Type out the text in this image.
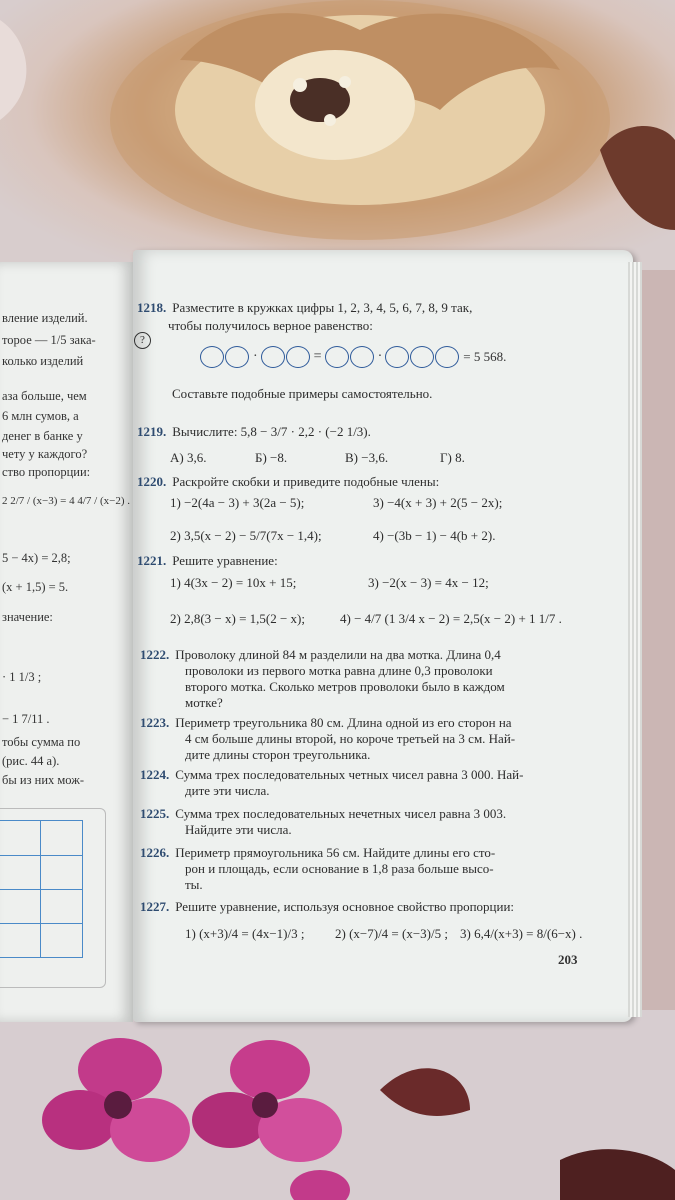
вление изделий.
торое — 1/5 зака-
колько изделий
аза больше, чем
6 млн сумов, а
денег в банке у
чету у каждого?
ство пропорции:
2 2/7 / (x−3) = 4 4/7 / (x−2) .
5 − 4x) = 2,8;
(x + 1,5) = 5.
значение:
· 1 1/3 ;
− 1 7/11 .
тобы сумма по
(рис. 44 а).
бы из них мож-
1218. Разместите в кружках цифры 1, 2, 3, 4, 5, 6, 7, 8, 9 так,
чтобы получилось верное равенство:
?
·	=	·	= 5 568.
Составьте подобные примеры самостоятельно.
1219. Вычислите: 5,8 − 3/7 · 2,2 · (−2 1/3).
А) 3,6.	Б) −8.	В) −3,6.	Г) 8.
1220. Раскройте скобки и приведите подобные члены:
1) −2(4a − 3) + 3(2a − 5);	3) −4(x + 3) + 2(5 − 2x);
2) 3,5(x − 2) − 5/7(7x − 1,4);	4) −(3b − 1) − 4(b + 2).
1221. Решите уравнение:
1) 4(3x − 2) = 10x + 15;	3) −2(x − 3) = 4x − 12;
2) 2,8(3 − x) = 1,5(2 − x);	4) − 4/7 (1 3/4 x − 2) = 2,5(x − 2) + 1 1/7 .
1222. Проволоку длиной 84 м разделили на два мотка. Длина 0,4
проволоки из первого мотка равна длине 0,3 проволоки
второго мотка. Сколько метров проволоки было в каждом
мотке?
1223. Периметр треугольника 80 см. Длина одной из его сторон на
4 см больше длины второй, но короче третьей на 3 см. Най-
дите длины сторон треугольника.
1224. Сумма трех последовательных четных чисел равна 3 000. Най-
дите эти числа.
1225. Сумма трех последовательных нечетных чисел равна 3 003.
Найдите эти числа.
1226. Периметр прямоугольника 56 см. Найдите длины его сто-
рон и площадь, если основание в 1,8 раза больше высо-
ты.
1227. Решите уравнение, используя основное свойство пропорции:
1) (x+3)/4 = (4x−1)/3 ; 2) (x−7)/4 = (x−3)/5 ; 3) 6,4/(x+3) = 8/(6−x) .
203
